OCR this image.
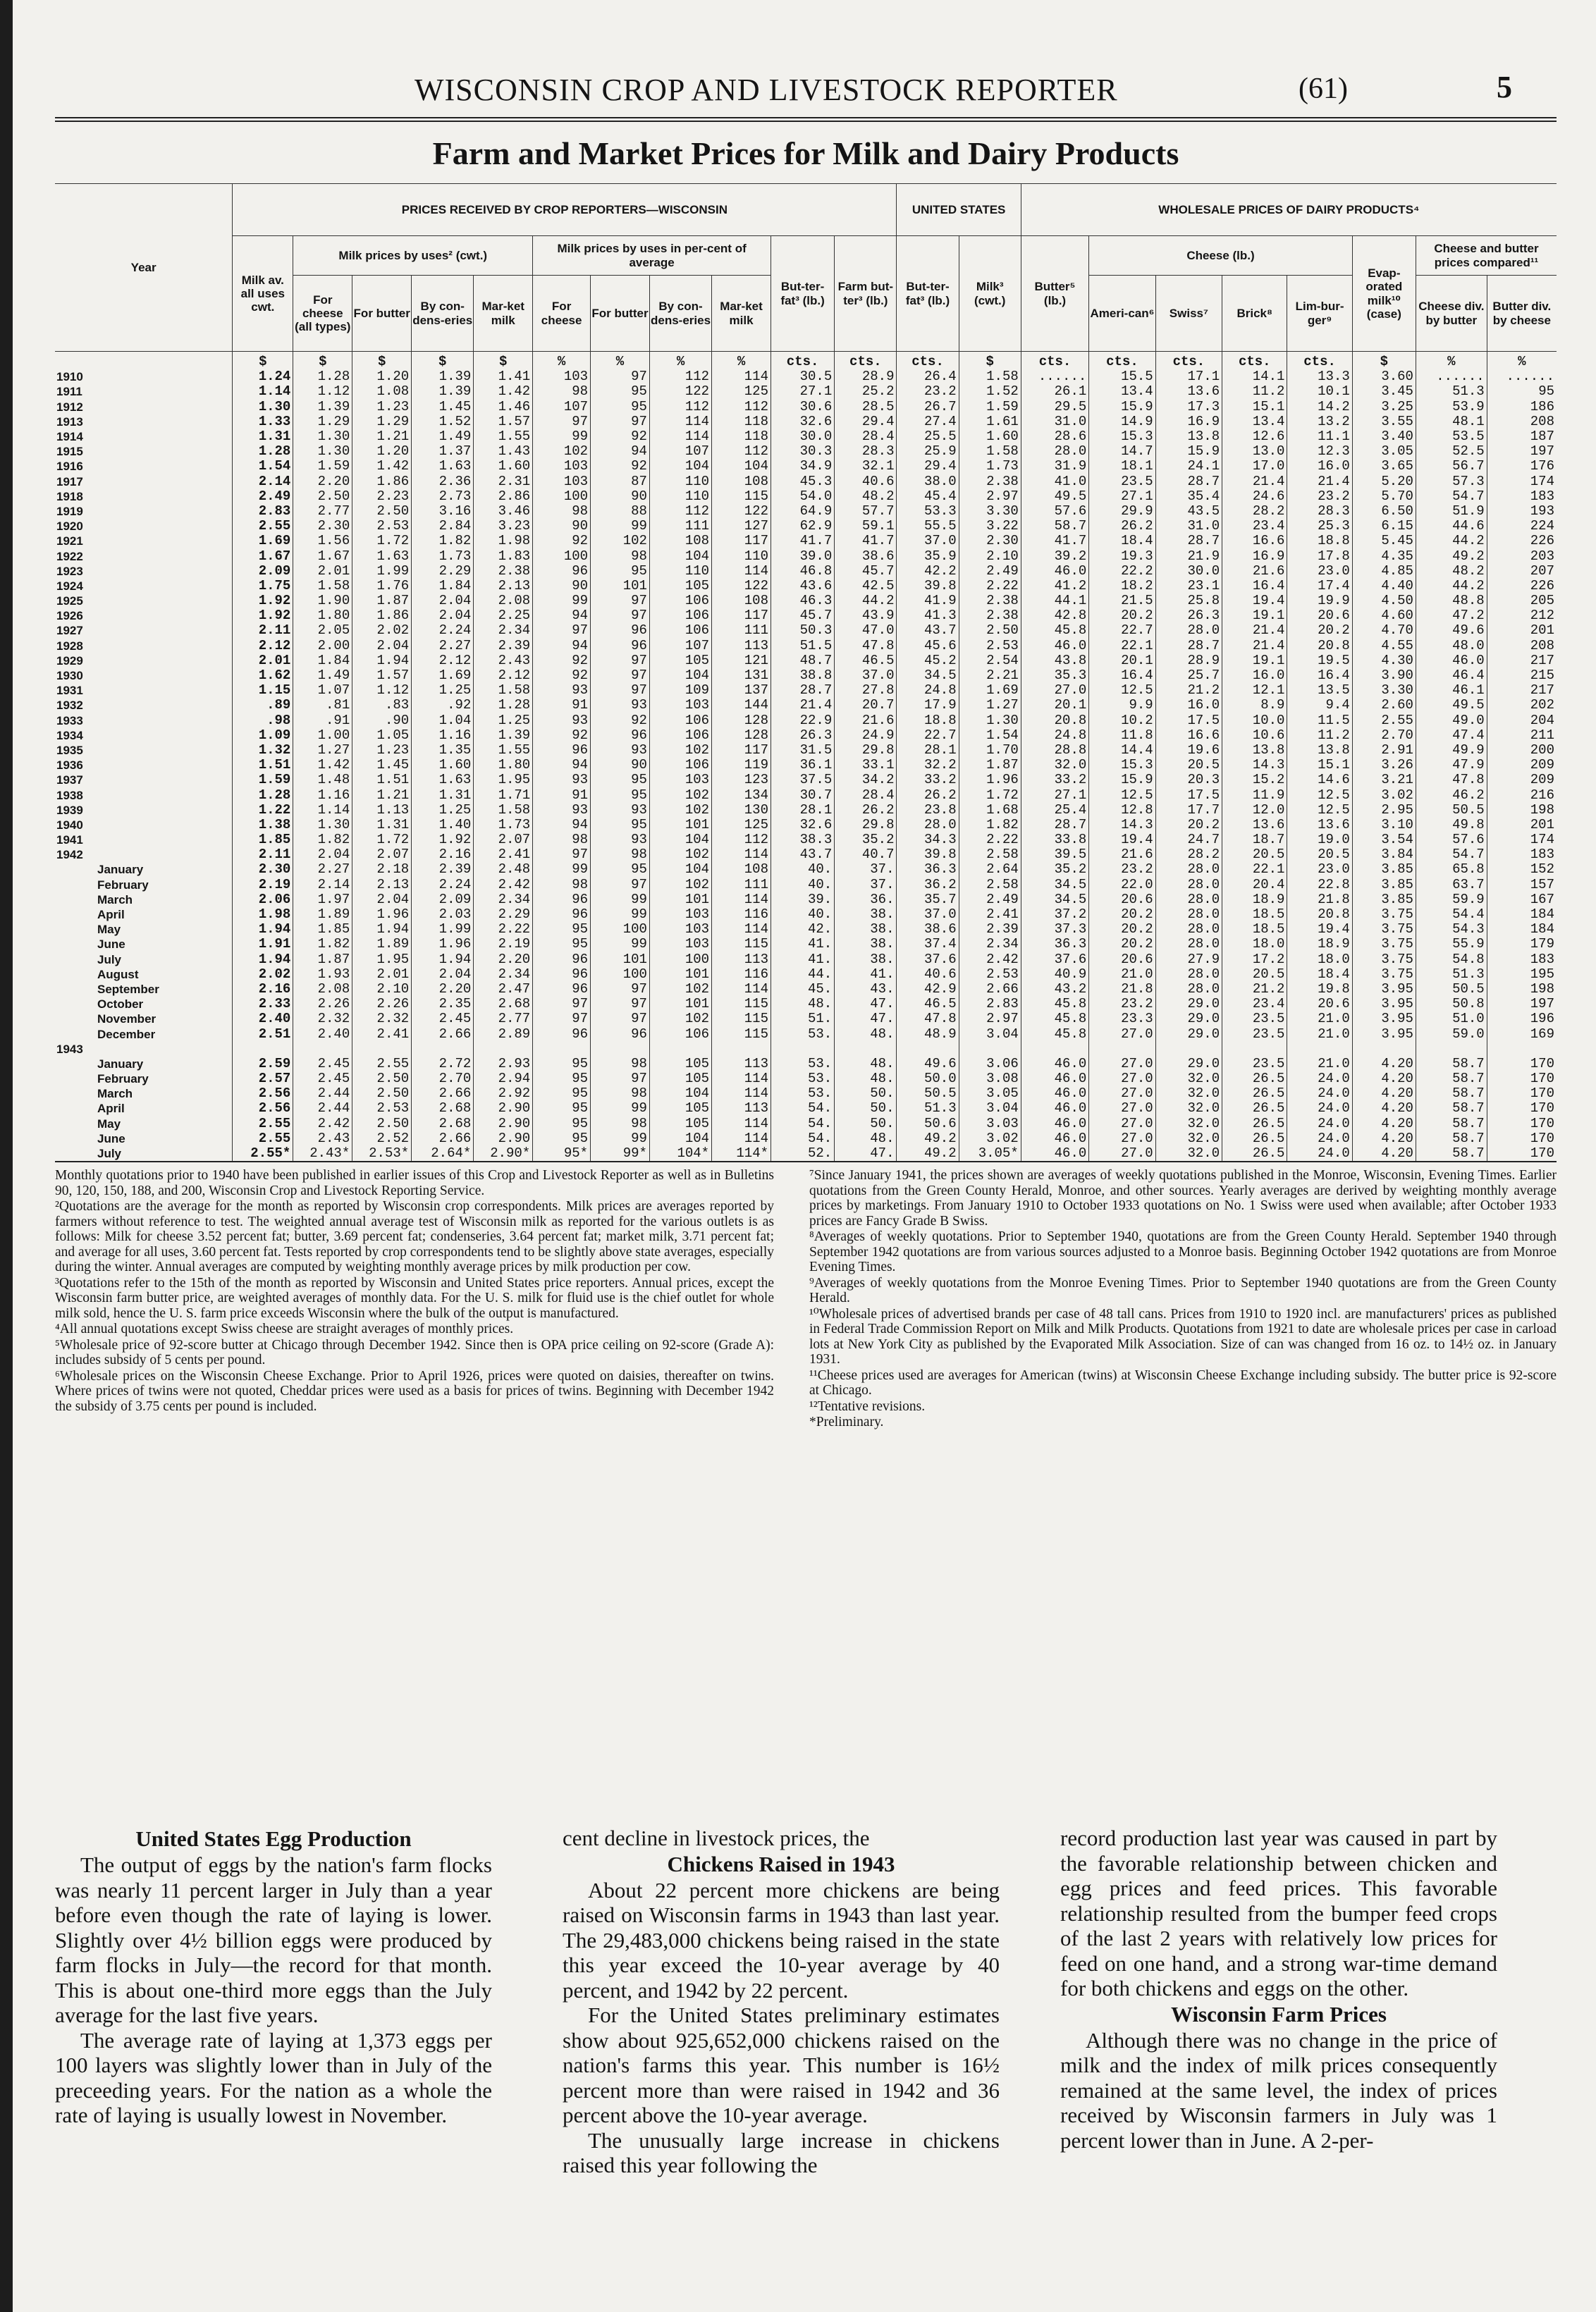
WISCONSIN CROP AND LIVESTOCK REPORTER	(61)	5
Farm and Market Prices for Milk and Dairy Products
Year	PRICES RECEIVED BY CROP REPORTERS—WISCONSIN											UNITED STATES		WHOLESALE PRICES OF DAIRY PRODUCTS⁴							
	Milk av. all uses cwt.	Milk prices by uses² (cwt.)				Milk prices by uses in per-cent of average				But-ter-fat³ (lb.)	Farm but-ter³ (lb.)	But-ter-fat³ (lb.)	Milk³ (cwt.)	Butter⁵ (lb.)	Cheese (lb.)				Evap-orated milk¹⁰ (case)	Cheese and butter prices compared¹¹	
		For cheese (all types)	For butter	By con-dens-eries	Mar-ket milk	For cheese	For butter	By con-dens-eries	Mar-ket milk						Ameri-can⁶	Swiss⁷	Brick⁸	Lim-bur-ger⁹		Cheese div. by butter	Butter div. by cheese
	$	$	$	$	$	%	%	%	%	cts.	cts.	cts.	$	cts.	cts.	cts.	cts.	cts.	$	%	%
1910	1.24	1.28	1.20	1.39	1.41	103	97	112	114	30.5	28.9	26.4	1.58	......	15.5	17.1	14.1	13.3	3.60	......	......
1911	1.14	1.12	1.08	1.39	1.42	98	95	122	125	27.1	25.2	23.2	1.52	26.1	13.4	13.6	11.2	10.1	3.45	51.3	95
1912	1.30	1.39	1.23	1.45	1.46	107	95	112	112	30.6	28.5	26.7	1.59	29.5	15.9	17.3	15.1	14.2	3.25	53.9	186
1913	1.33	1.29	1.29	1.52	1.57	97	97	114	118	32.6	29.4	27.4	1.61	31.0	14.9	16.9	13.4	13.2	3.55	48.1	208
1914	1.31	1.30	1.21	1.49	1.55	99	92	114	118	30.0	28.4	25.5	1.60	28.6	15.3	13.8	12.6	11.1	3.40	53.5	187
1915	1.28	1.30	1.20	1.37	1.43	102	94	107	112	30.3	28.3	25.9	1.58	28.0	14.7	15.9	13.0	12.3	3.05	52.5	197
1916	1.54	1.59	1.42	1.63	1.60	103	92	104	104	34.9	32.1	29.4	1.73	31.9	18.1	24.1	17.0	16.0	3.65	56.7	176
1917	2.14	2.20	1.86	2.36	2.31	103	87	110	108	45.3	40.6	38.0	2.38	41.0	23.5	28.7	21.4	21.4	5.20	57.3	174
1918	2.49	2.50	2.23	2.73	2.86	100	90	110	115	54.0	48.2	45.4	2.97	49.5	27.1	35.4	24.6	23.2	5.70	54.7	183
1919	2.83	2.77	2.50	3.16	3.46	98	88	112	122	64.9	57.7	53.3	3.30	57.6	29.9	43.5	28.2	28.3	6.50	51.9	193
1920	2.55	2.30	2.53	2.84	3.23	90	99	111	127	62.9	59.1	55.5	3.22	58.7	26.2	31.0	23.4	25.3	6.15	44.6	224
1921	1.69	1.56	1.72	1.82	1.98	92	102	108	117	41.7	41.7	37.0	2.30	41.7	18.4	28.7	16.6	18.8	5.45	44.2	226
1922	1.67	1.67	1.63	1.73	1.83	100	98	104	110	39.0	38.6	35.9	2.10	39.2	19.3	21.9	16.9	17.8	4.35	49.2	203
1923	2.09	2.01	1.99	2.29	2.38	96	95	110	114	46.8	45.7	42.2	2.49	46.0	22.2	30.0	21.6	23.0	4.85	48.2	207
1924	1.75	1.58	1.76	1.84	2.13	90	101	105	122	43.6	42.5	39.8	2.22	41.2	18.2	23.1	16.4	17.4	4.40	44.2	226
1925	1.92	1.90	1.87	2.04	2.08	99	97	106	108	46.3	44.2	41.9	2.38	44.1	21.5	25.8	19.4	19.9	4.50	48.8	205
1926	1.92	1.80	1.86	2.04	2.25	94	97	106	117	45.7	43.9	41.3	2.38	42.8	20.2	26.3	19.1	20.6	4.60	47.2	212
1927	2.11	2.05	2.02	2.24	2.34	97	96	106	111	50.3	47.0	43.7	2.50	45.8	22.7	28.0	21.4	20.2	4.70	49.6	201
1928	2.12	2.00	2.04	2.27	2.39	94	96	107	113	51.5	47.8	45.6	2.53	46.0	22.1	28.7	21.4	20.8	4.55	48.0	208
1929	2.01	1.84	1.94	2.12	2.43	92	97	105	121	48.7	46.5	45.2	2.54	43.8	20.1	28.9	19.1	19.5	4.30	46.0	217
1930	1.62	1.49	1.57	1.69	2.12	92	97	104	131	38.8	37.0	34.5	2.21	35.3	16.4	25.7	16.0	16.4	3.90	46.4	215
1931	1.15	1.07	1.12	1.25	1.58	93	97	109	137	28.7	27.8	24.8	1.69	27.0	12.5	21.2	12.1	13.5	3.30	46.1	217
1932	.89	.81	.83	.92	1.28	91	93	103	144	21.4	20.7	17.9	1.27	20.1	9.9	16.0	8.9	9.4	2.60	49.5	202
1933	.98	.91	.90	1.04	1.25	93	92	106	128	22.9	21.6	18.8	1.30	20.8	10.2	17.5	10.0	11.5	2.55	49.0	204
1934	1.09	1.00	1.05	1.16	1.39	92	96	106	128	26.3	24.9	22.7	1.54	24.8	11.8	16.6	10.6	11.2	2.70	47.4	211
1935	1.32	1.27	1.23	1.35	1.55	96	93	102	117	31.5	29.8	28.1	1.70	28.8	14.4	19.6	13.8	13.8	2.91	49.9	200
1936	1.51	1.42	1.45	1.60	1.80	94	90	106	119	36.1	33.1	32.2	1.87	32.0	15.3	20.5	14.3	15.1	3.26	47.9	209
1937	1.59	1.48	1.51	1.63	1.95	93	95	103	123	37.5	34.2	33.2	1.96	33.2	15.9	20.3	15.2	14.6	3.21	47.8	209
1938	1.28	1.16	1.21	1.31	1.71	91	95	102	134	30.7	28.4	26.2	1.72	27.1	12.5	17.5	11.9	12.5	3.02	46.2	216
1939	1.22	1.14	1.13	1.25	1.58	93	93	102	130	28.1	26.2	23.8	1.68	25.4	12.8	17.7	12.0	12.5	2.95	50.5	198
1940	1.38	1.30	1.31	1.40	1.73	94	95	101	125	32.6	29.8	28.0	1.82	28.7	14.3	20.2	13.6	13.6	3.10	49.8	201
1941	1.85	1.82	1.72	1.92	2.07	98	93	104	112	38.3	35.2	34.3	2.22	33.8	19.4	24.7	18.7	19.0	3.54	57.6	174
1942	2.11	2.04	2.07	2.16	2.41	97	98	102	114	43.7	40.7	39.8	2.58	39.5	21.6	28.2	20.5	20.5	3.84	54.7	183
January	2.30	2.27	2.18	2.39	2.48	99	95	104	108	40.	37.	36.3	2.64	35.2	23.2	28.0	22.1	23.0	3.85	65.8	152
February	2.19	2.14	2.13	2.24	2.42	98	97	102	111	40.	37.	36.2	2.58	34.5	22.0	28.0	20.4	22.8	3.85	63.7	157
March	2.06	1.97	2.04	2.09	2.34	96	99	101	114	39.	36.	35.7	2.49	34.5	20.6	28.0	18.9	21.8	3.85	59.9	167
April	1.98	1.89	1.96	2.03	2.29	96	99	103	116	40.	38.	37.0	2.41	37.2	20.2	28.0	18.5	20.8	3.75	54.4	184
May	1.94	1.85	1.94	1.99	2.22	95	100	103	114	42.	38.	38.6	2.39	37.3	20.2	28.0	18.5	19.4	3.75	54.3	184
June	1.91	1.82	1.89	1.96	2.19	95	99	103	115	41.	38.	37.4	2.34	36.3	20.2	28.0	18.0	18.9	3.75	55.9	179
July	1.94	1.87	1.95	1.94	2.20	96	101	100	113	41.	38.	37.6	2.42	37.6	20.6	27.9	17.2	18.0	3.75	54.8	183
August	2.02	1.93	2.01	2.04	2.34	96	100	101	116	44.	41.	40.6	2.53	40.9	21.0	28.0	20.5	18.4	3.75	51.3	195
September	2.16	2.08	2.10	2.20	2.47	96	97	102	114	45.	43.	42.9	2.66	43.2	21.8	28.0	21.2	19.8	3.95	50.5	198
October	2.33	2.26	2.26	2.35	2.68	97	97	101	115	48.	47.	46.5	2.83	45.8	23.2	29.0	23.4	20.6	3.95	50.8	197
November	2.40	2.32	2.32	2.45	2.77	97	97	102	115	51.	47.	47.8	2.97	45.8	23.3	29.0	23.5	21.0	3.95	51.0	196
December	2.51	2.40	2.41	2.66	2.89	96	96	106	115	53.	48.	48.9	3.04	45.8	27.0	29.0	23.5	21.0	3.95	59.0	169
1943																					
January	2.59	2.45	2.55	2.72	2.93	95	98	105	113	53.	48.	49.6	3.06	46.0	27.0	29.0	23.5	21.0	4.20	58.7	170
February	2.57	2.45	2.50	2.70	2.94	95	97	105	114	53.	48.	50.0	3.08	46.0	27.0	32.0	26.5	24.0	4.20	58.7	170
March	2.56	2.44	2.50	2.66	2.92	95	98	104	114	53.	50.	50.5	3.05	46.0	27.0	32.0	26.5	24.0	4.20	58.7	170
April	2.56	2.44	2.53	2.68	2.90	95	99	105	113	54.	50.	51.3	3.04	46.0	27.0	32.0	26.5	24.0	4.20	58.7	170
May	2.55	2.42	2.50	2.68	2.90	95	98	105	114	54.	50.	50.6	3.03	46.0	27.0	32.0	26.5	24.0	4.20	58.7	170
June	2.55	2.43	2.52	2.66	2.90	95	99	104	114	54.	48.	49.2	3.02	46.0	27.0	32.0	26.5	24.0	4.20	58.7	170
July	2.55*	2.43*	2.53*	2.64*	2.90*	95*	99*	104*	114*	52.	47.	49.2	3.05*	46.0	27.0	32.0	26.5	24.0	4.20	58.7	170

Monthly quotations prior to 1940 have been published in earlier issues of this Crop and Livestock Reporter as well as in Bulletins 90, 120, 150, 188, and 200, Wisconsin Crop and Livestock Reporting Service.

²Quotations are the average for the month as reported by Wisconsin crop correspondents. Milk prices are averages reported by farmers without reference to test. The weighted annual average test of Wisconsin milk as reported for the various outlets is as follows: Milk for cheese 3.52 percent fat; butter, 3.69 percent fat; condenseries, 3.64 percent fat; market milk, 3.71 percent fat; and average for all uses, 3.60 percent fat. Tests reported by crop correspondents tend to be slightly above state averages, especially during the winter. Annual averages are computed by weighting monthly average prices by milk production per cow.

³Quotations refer to the 15th of the month as reported by Wisconsin and United States price reporters. Annual prices, except the Wisconsin farm butter price, are weighted averages of monthly data. For the U. S. milk for fluid use is the chief outlet for whole milk sold, hence the U. S. farm price exceeds Wisconsin where the bulk of the output is manufactured.

⁴All annual quotations except Swiss cheese are straight averages of monthly prices.

⁵Wholesale price of 92-score butter at Chicago through December 1942. Since then is OPA price ceiling on 92-score (Grade A): includes subsidy of 5 cents per pound.

⁶Wholesale prices on the Wisconsin Cheese Exchange. Prior to April 1926, prices were quoted on daisies, thereafter on twins. Where prices of twins were not quoted, Cheddar prices were used as a basis for prices of twins. Beginning with December 1942 the subsidy of 3.75 cents per pound is included.

⁷Since January 1941, the prices shown are averages of weekly quotations published in the Monroe, Wisconsin, Evening Times. Earlier quotations from the Green County Herald, Monroe, and other sources. Yearly averages are derived by weighting monthly average prices by marketings. From January 1910 to October 1933 quotations on No. 1 Swiss were used when available; after October 1933 prices are Fancy Grade B Swiss.

⁸Averages of weekly quotations. Prior to September 1940, quotations are from the Green County Herald. September 1940 through September 1942 quotations are from various sources adjusted to a Monroe basis. Beginning October 1942 quotations are from Monroe Evening Times.

⁹Averages of weekly quotations from the Monroe Evening Times. Prior to September 1940 quotations are from the Green County Herald.

¹⁰Wholesale prices of advertised brands per case of 48 tall cans. Prices from 1910 to 1920 incl. are manufacturers' prices as published in Federal Trade Commission Report on Milk and Milk Products. Quotations from 1921 to date are wholesale prices per case in carload lots at New York City as published by the Evaporated Milk Association. Size of can was changed from 16 oz. to 14½ oz. in January 1931.

¹¹Cheese prices used are averages for American (twins) at Wisconsin Cheese Exchange including subsidy. The butter price is 92-score at Chicago.

¹²Tentative revisions.

*Preliminary.

United States Egg Production

The output of eggs by the nation's farm flocks was nearly 11 percent larger in July than a year before even though the rate of laying is lower. Slightly over 4½ billion eggs were produced by farm flocks in July—the record for that month. This is about one-third more eggs than the July average for the last five years.

The average rate of laying at 1,373 eggs per 100 layers was slightly lower than in July of the preceeding years. For the nation as a whole the rate of laying is usually lowest in November.

cent decline in livestock prices, the

Chickens Raised in 1943

About 22 percent more chickens are being raised on Wisconsin farms in 1943 than last year. The 29,483,000 chickens being raised in the state this year exceed the 10-year average by 40 percent, and 1942 by 22 percent.

For the United States preliminary estimates show about 925,652,000 chickens raised on the nation's farms this year. This number is 16½ percent more than were raised in 1942 and 36 percent above the 10-year average.

The unusually large increase in chickens raised this year following the

record production last year was caused in part by the favorable relationship between chicken and egg prices and feed prices. This favorable relationship resulted from the bumper feed crops of the last 2 years with relatively low prices for feed on one hand, and a strong war-time demand for both chickens and eggs on the other.

Wisconsin Farm Prices

Although there was no change in the price of milk and the index of milk prices consequently remained at the same level, the index of prices received by Wisconsin farmers in July was 1 percent lower than in June. A 2-per-
